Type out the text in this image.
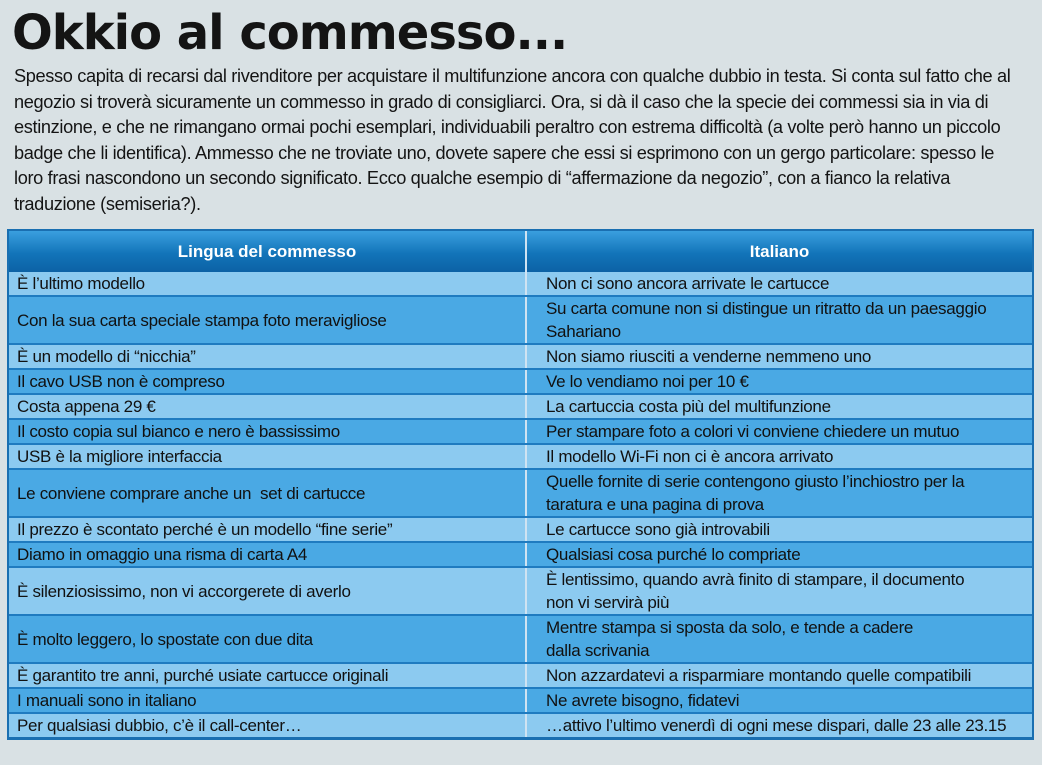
Okkio al commesso...

Spesso capita di recarsi dal rivenditore per acquistare il multifunzione ancora con qualche dubbio in testa. Si conta sul fatto che al negozio si troverà sicuramente un commesso in grado di consigliarci. Ora, si dà il caso che la specie dei commessi sia in via di estinzione, e che ne rimangano ormai pochi esemplari, individuabili peraltro con estrema difficoltà (a volte però hanno un piccolo badge che li identifica). Ammesso che ne troviate uno, dovete sapere che essi si esprimono con un gergo particolare: spesso le loro frasi nascondono un secondo significato. Ecco qualche esempio di “affermazione da negozio”, con a fianco la relativa traduzione (semiseria?).

Lingua del commesso	Italiano
È l’ultimo modello	Non ci sono ancora arrivate le cartucce
Con la sua carta speciale stampa foto meravigliose	Su carta comune non si distingue un ritratto da un paesaggio Sahariano

È un modello di “nicchia”	Non siamo riusciti a venderne nemmeno uno
Il cavo USB non è compreso	Ve lo vendiamo noi per 10 €
Costa appena 29 €	La cartuccia costa più del multifunzione
Il costo copia sul bianco e nero è bassissimo	Per stampare foto a colori vi conviene chiedere un mutuo
USB è la migliore interfaccia	Il modello Wi-Fi non ci è ancora arrivato
Le conviene comprare anche un  set di cartucce	Quelle fornite di serie contengono giusto l’inchiostro per la taratura e una pagina di prova

Il prezzo è scontato perché è un modello “fine serie”	Le cartucce sono già introvabili
Diamo in omaggio una risma di carta A4	Qualsiasi cosa purché lo compriate
È silenziosissimo, non vi accorgerete di averlo	È lentissimo, quando avrà finito di stampare, il documento non vi servirà più

È molto leggero, lo spostate con due dita	Mentre stampa si sposta da solo, e tende a cadere dalla scrivania

È garantito tre anni, purché usiate cartucce originali	Non azzardatevi a risparmiare montando quelle compatibili
I manuali sono in italiano	Ne avrete bisogno, fidatevi
Per qualsiasi dubbio, c’è il call-center…	…attivo l’ultimo venerdì di ogni mese dispari, dalle 23 alle 23.15
